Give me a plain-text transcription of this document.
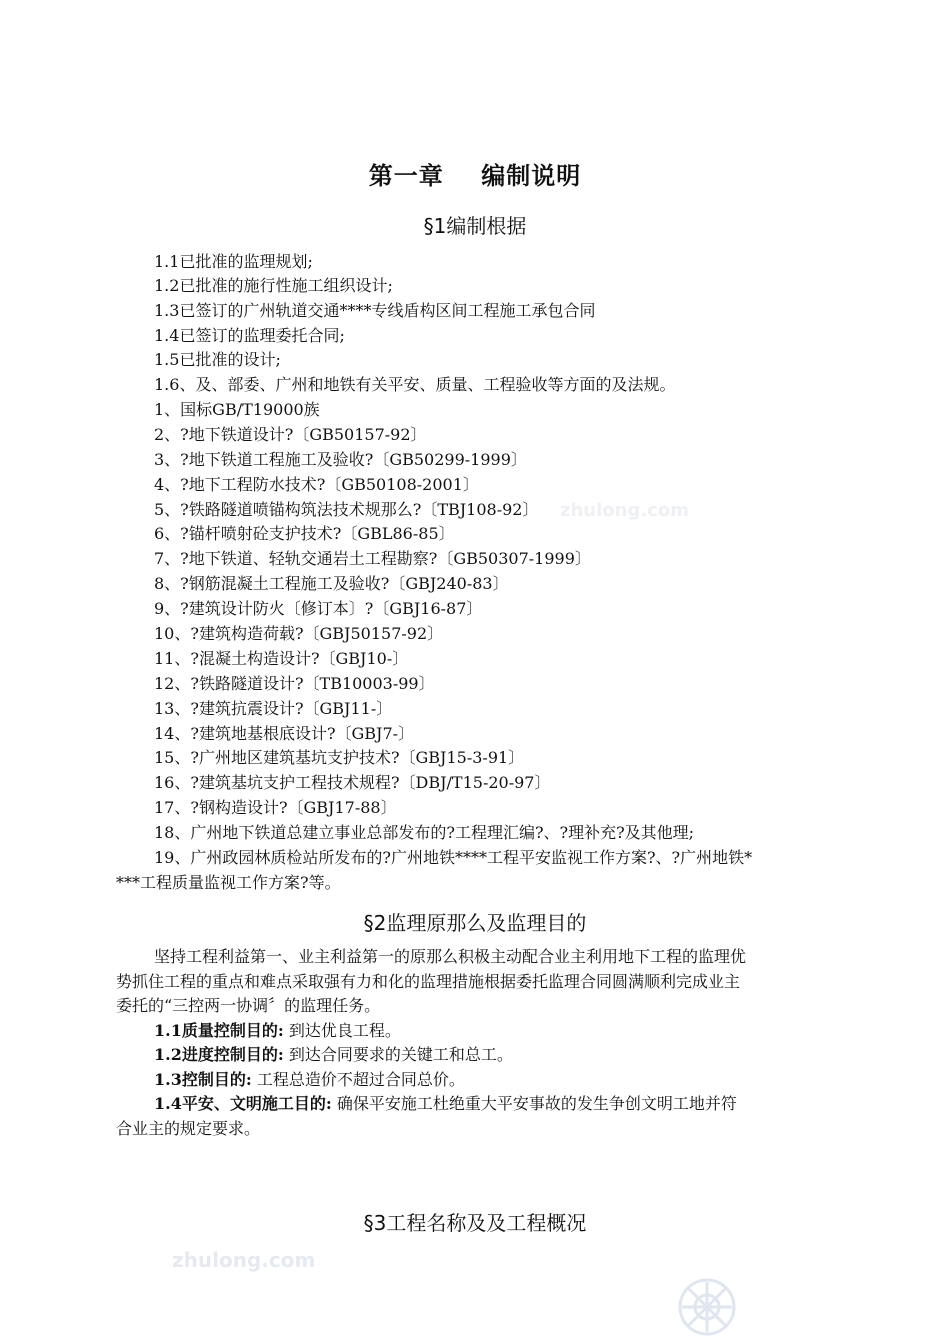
第一章    编制说明
§1编制根据
1.1已批准的监理规划;
1.2已批准的施行性施工组织设计;
1.3已签订的广州轨道交通****专线盾构区间工程施工承包合同
1.4已签订的监理委托合同;
1.5已批准的设计;
1.6、及、部委、广州和地铁有关平安、质量、工程验收等方面的及法规。
1、国标GB/T19000族
2、?地下铁道设计?〔GB50157-92〕
3、?地下铁道工程施工及验收?〔GB50299-1999〕
4、?地下工程防水技术?〔GB50108-2001〕
5、?铁路隧道喷锚构筑法技术规那么?〔TBJ108-92〕
6、?锚杆喷射砼支护技术?〔GBL86-85〕
7、?地下铁道、轻轨交通岩土工程勘察?〔GB50307-1999〕
8、?钢筋混凝土工程施工及验收?〔GBJ240-83〕
9、?建筑设计防火〔修订本〕?〔GBJ16-87〕
10、?建筑构造荷载?〔GBJ50157-92〕
11、?混凝土构造设计?〔GBJ10-〕
12、?铁路隧道设计?〔TB10003-99〕
13、?建筑抗震设计?〔GBJ11-〕
14、?建筑地基根底设计?〔GBJ7-〕
15、?广州地区建筑基坑支护技术?〔GBJ15-3-91〕
16、?建筑基坑支护工程技术规程?〔DBJ/T15-20-97〕
17、?钢构造设计?〔GBJ17-88〕
18、广州地下铁道总建立事业总部发布的?工程理汇编?、?理补充?及其他理;
19、广州政园林质检站所发布的?广州地铁****工程平安监视工作方案?、?广州地铁*
***工程质量监视工作方案?等。
§2监理原那么及监理目的

坚持工程利益第一、业主利益第一的原那么积极主动配合业主利用地下工程的监理优

势抓住工程的重点和难点采取强有力和化的监理措施根据委托监理合同圆满顺利完成业主

委托的“三控两一协调〞的监理任务。

1.1质量控制目的: 到达优良工程。

1.2进度控制目的: 到达合同要求的关键工和总工。

1.3控制目的: 工程总造价不超过合同总价。

1.4平安、文明施工目的: 确保平安施工杜绝重大平安事故的发生争创文明工地并符

合业主的规定要求。

§3工程名称及及工程概况
zhulong.com
zhulong.com
